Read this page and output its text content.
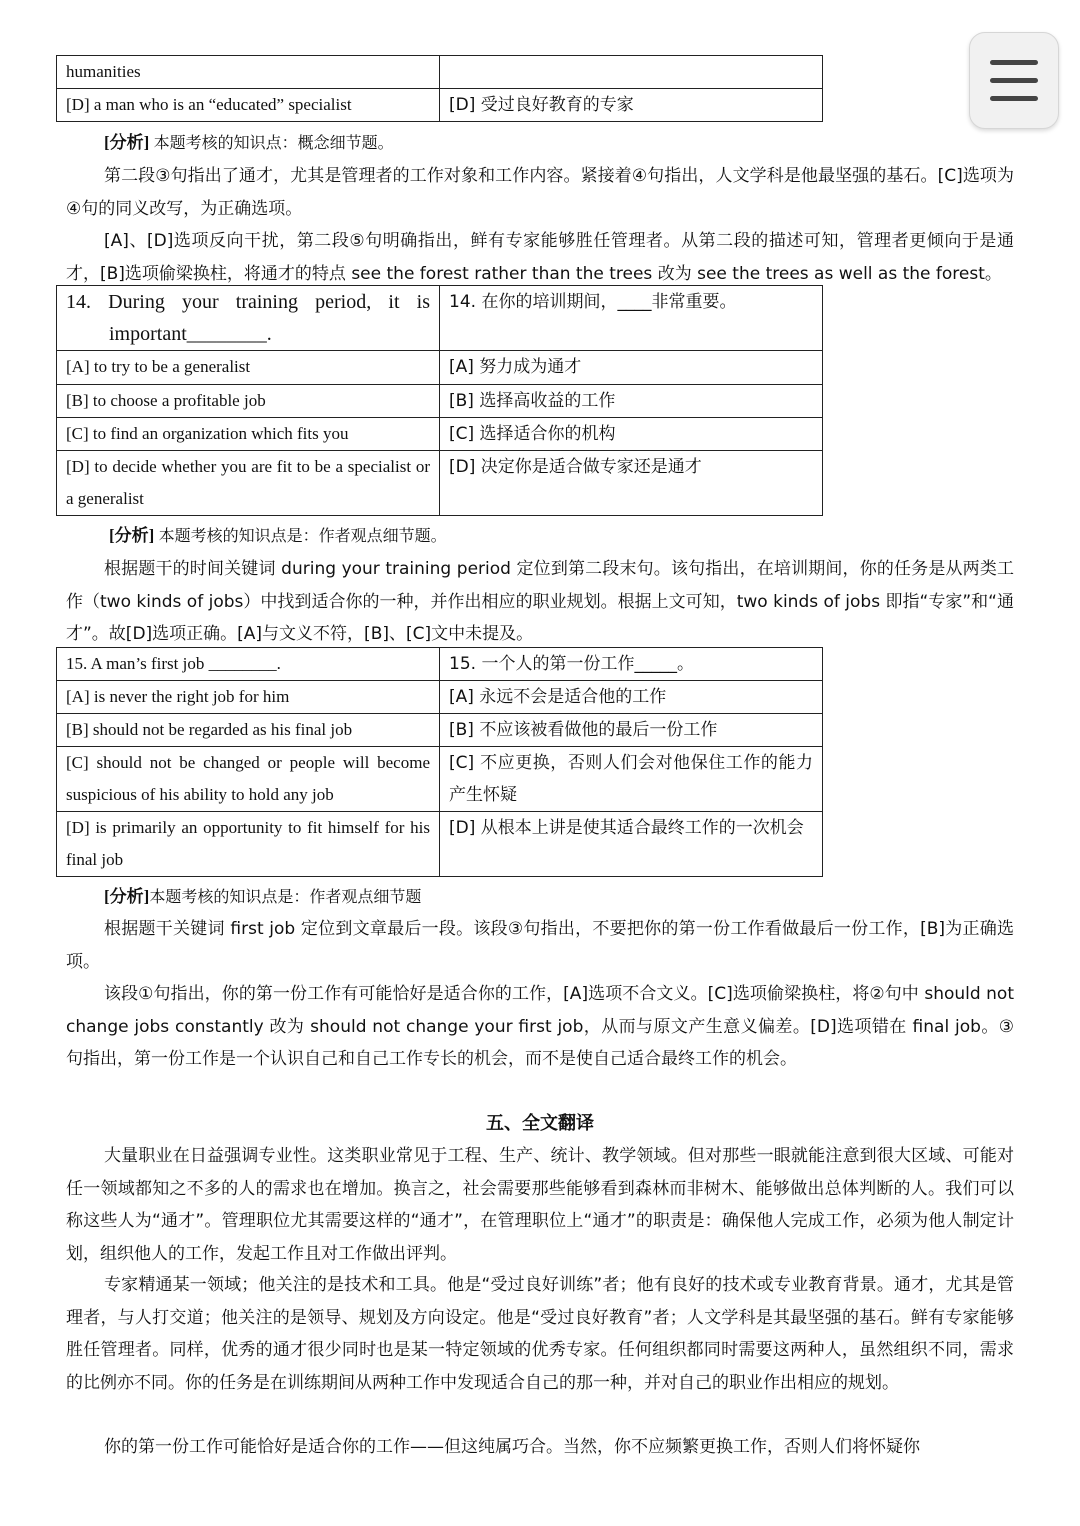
humanities	
[D] a man who is an “educated” specialist	[D] 受过良好教育的专家
[分析] 本题考核的知识点：概念细节题。

第二段③句指出了通才，尤其是管理者的工作对象和工作内容。紧接着④句指出，人文学科是他最坚强的基石。[C]选项为④句的同义改写，为正确选项。

[A]、[D]选项反向干扰，第二段⑤句明确指出，鲜有专家能够胜任管理者。从第二段的描述可知，管理者更倾向于是通才，[B]选项偷梁换柱，将通才的特点 see the forest rather than the trees 改为 see the trees as well as the forest。

14. During your training period, it is
important________.	14. 在你的培训期间，____非常重要。
[A] to try to be a generalist	[A] 努力成为通才
[B] to choose a profitable job	[B] 选择高收益的工作
[C] to find an organization which fits you	[C] 选择适合你的机构
[D] to decide whether you are fit to be a specialist or a generalist	[D] 决定你是适合做专家还是通才
[分析] 本题考核的知识点是：作者观点细节题。

根据题干的时间关键词 during your training period 定位到第二段末句。该句指出，在培训期间，你的任务是从两类工作（two kinds of jobs）中找到适合你的一种，并作出相应的职业规划。根据上文可知，two kinds of jobs 即指“专家”和“通才”。故[D]选项正确。[A]与文义不符，[B]、[C]文中未提及。

15. A man’s first job ________.	15. 一个人的第一份工作_____。
[A] is never the right job for him	[A] 永远不会是适合他的工作
[B] should not be regarded as his final job	[B] 不应该被看做他的最后一份工作
[C] should not be changed or people will become suspicious of his ability to hold any job	[C] 不应更换，否则人们会对他保住工作的能力产生怀疑
[D] is primarily an opportunity to fit himself for his final job	[D] 从根本上讲是使其适合最终工作的一次机会
[分析]本题考核的知识点是：作者观点细节题

根据题干关键词 first job 定位到文章最后一段。该段③句指出，不要把你的第一份工作看做最后一份工作，[B]为正确选项。

该段①句指出，你的第一份工作有可能恰好是适合你的工作，[A]选项不合文义。[C]选项偷梁换柱，将②句中 should not change jobs constantly 改为 should not change your first job，从而与原文产生意义偏差。[D]选项错在 final job。③句指出，第一份工作是一个认识自己和自己工作专长的机会，而不是使自己适合最终工作的机会。

五、全文翻译

大量职业在日益强调专业性。这类职业常见于工程、生产、统计、教学领域。但对那些一眼就能注意到很大区域、可能对任一领域都知之不多的人的需求也在增加。换言之，社会需要那些能够看到森林而非树木、能够做出总体判断的人。我们可以称这些人为“通才”。管理职位尤其需要这样的“通才”，在管理职位上“通才”的职责是：确保他人完成工作，必须为他人制定计划，组织他人的工作，发起工作且对工作做出评判。

专家精通某一领域；他关注的是技术和工具。他是“受过良好训练”者；他有良好的技术或专业教育背景。通才，尤其是管理者，与人打交道；他关注的是领导、规划及方向设定。他是“受过良好教育”者；人文学科是其最坚强的基石。鲜有专家能够胜任管理者。同样，优秀的通才很少同时也是某一特定领域的优秀专家。任何组织都同时需要这两种人，虽然组织不同，需求的比例亦不同。你的任务是在训练期间从两种工作中发现适合自己的那一种，并对自己的职业作出相应的规划。

你的第一份工作可能恰好是适合你的工作——但这纯属巧合。当然，你不应频繁更换工作，否则人们将怀疑你
